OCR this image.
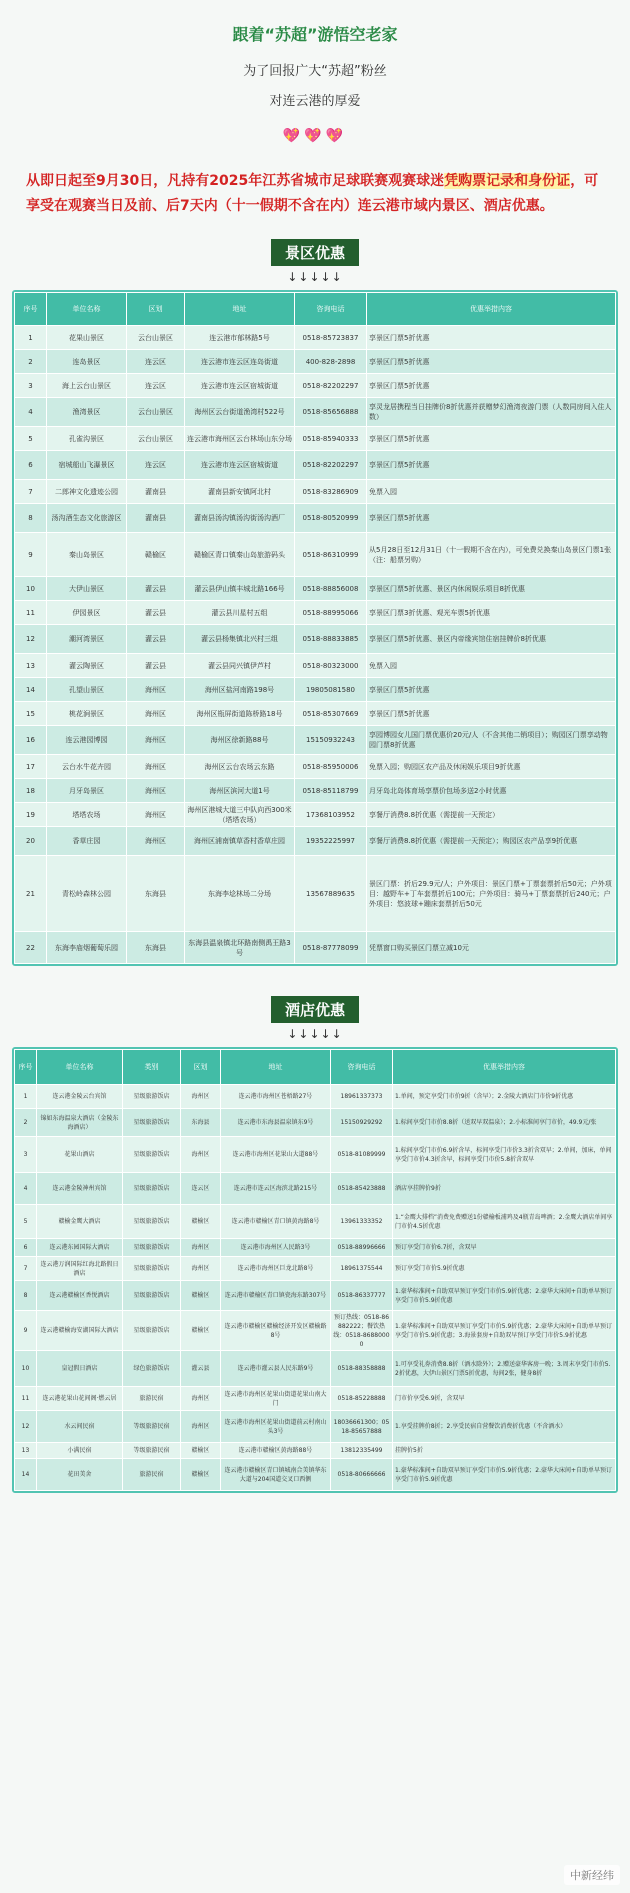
跟着“苏超”游悟空老家
为了回报广大“苏超”粉丝
对连云港的厚爱
💖💖💖
从即日起至9月30日，凡持有2025年江苏省城市足球联赛观赛球迷凭购票记录和身份证，可享受在观赛当日及前、后7天内（十一假期不含在内）连云港市域内景区、酒店优惠。
景区优惠
↓↓↓↓↓
序号	单位名称	区划	地址	咨询电话	优惠举措内容
1	花果山景区	云台山景区	连云港市郁林路5号	0518-85723837	享景区门票5折优惠
2	连岛景区	连云区	连云港市连云区连岛街道	400-828-2898	享景区门票5折优惠
3	海上云台山景区	连云区	连云港市连云区宿城街道	0518-82202297	享景区门票5折优惠
4	渔湾景区	云台山景区	海州区云台街道渔湾村522号	0518-85656888	享灵龙居携程当日挂牌价8折优惠并获赠梦幻渔湾夜游门票（人数同房间入住人数）
5	孔雀沟景区	云台山景区	连云港市海州区云台林场山东分场	0518-85940333	享景区门票5折优惠
6	宿城船山飞瀑景区	连云区	连云港市连云区宿城街道	0518-82202297	享景区门票5折优惠
7	二郎神文化遗迹公园	灌南县	灌南县新安镇阿北村	0518-83286909	免票入园
8	汤沟酒生态文化旅游区	灌南县	灌南县汤沟镇汤沟街汤沟酒厂	0518-80520999	享景区门票5折优惠
9	秦山岛景区	赣榆区	赣榆区青口镇秦山岛旅游码头	0518-86310999	从5月28日至12月31日（十一假期不含在内），可免费兑换秦山岛景区门票1张（注：船票另购）
10	大伊山景区	灌云县	灌云县伊山镇丰城北路166号	0518-88856008	享景区门票5折优惠、景区内休闲娱乐项目8折优惠
11	伊园景区	灌云县	灌云县川星村五组	0518-88995066	享景区门票3折优惠、观光车票5折优惠
12	潮河湾景区	灌云县	灌云县杨集镇北兴村三组	0518-88833885	享景区门票5折优惠、景区内帝缘宾馆住宿挂牌价8折优惠
13	灌云陶景区	灌云县	灌云县同兴镇伊芦村	0518-80323000	免票入园
14	孔望山景区	海州区	海州区盐河南路198号	19805081580	享景区门票5折优惠
15	桃花涧景区	海州区	海州区瓶屏街道陈桥路18号	0518-85307669	享景区门票5折优惠
16	连云港园博园	海州区	海州区徐新路88号	15150932243	享园博园女儿国门票优惠价20元/人（不含其他二销项目）；购园区门票享动物园门票8折优惠
17	云台水牛花卉园	海州区	海州区云台农场云东路	0518-85950006	免票入园；购园区农产品及休闲娱乐项目9折优惠
18	月牙岛景区	海州区	海州区滨河大道1号	0518-85118799	月牙岛北岛体育场享票价包场多送2小时优惠
19	塔塔农场	海州区	海州区港城大道三中队向西300米（塔塔农场）	17368103952	享餐厅消费8.8折优惠（需提前一天预定）
20	香草庄园	海州区	海州区浦南镇草香村香草庄园	19352225997	享餐厅消费8.8折优惠（需提前一天预定）；购园区农产品享9折优惠
21	青松岭森林公园	东海县	东海李埝林场二分场	13567889635	景区门票：折后29.9元/人；户外项目：景区门票+丁票套票折后50元；户外项目：越野车+丁车套票折后100元；户外项目：骑马+丁票套票折后240元；户外项目：悠波球+蹦床套票折后50元
22	东海李庙烟葡萄乐园	东海县	东海县温泉镇北环路南侧禹王路3号	0518-87778099	凭票窗口购买景区门票立减10元
酒店优惠
↓↓↓↓↓
序号	单位名称	类别	区划	地址	咨询电话	优惠举措内容
1	连云港金陵云台宾馆	星级旅游饭店	海州区	连云港市海州区苍梧路27号	18961337373	1.单间，预定享受门市价9折（含早）；2.金陵大酒店门市价9折优惠
2	锦如东海温泉大酒店（金陵东海酒店）	星级旅游饭店	东海县	连云港市东海县温泉镇东9号	15150929292	1.标间享受门市价8.8折（送双早双温泉）；2.小标准间享门市价，49.9元/张
3	花果山酒店	星级旅游饭店	海州区	连云港市海州区花果山大道88号	0518-81089999	1.标间享受门市价6.9折含早，标间享受门市价3.3折含双早；2.单间，加床，单间享受门市价4.3折含早，标间享受门市价5.8折含双早
4	连云港金陵神州宾馆	星级旅游饭店	连云区	连云港市连云区海滨北路215号	0518-85423888	酒店享挂牌价9折
5	赣榆金鹰大酒店	星级旅游饭店	赣榆区	连云港市赣榆区青口镇黄海路8号	13961333352	1.“金鹰大排档”消费免费赠送1份赣榆板浦鸡及4瓶青岛啤酒；2.金鹰大酒店单间享门市价4.5折优惠
6	连云港东园国际大酒店	星级旅游饭店	海州区	连云港市海州区人民路3号	0518-88996666	预订享受门市价6.7折，含双早
7	连云港万润国际红海北路假日酒店	星级旅游饭店	海州区	连云港市海州区巨龙北路8号	18961375544	预订享受门市价5.9折优惠
8	连云港赣榆区香悦酒店	星级旅游饭店	赣榆区	连云港市赣榆区青口镇瓷海东路307号	0518-86337777	1.豪华标准间+自助双早预订享受门市价5.9折优惠；2.豪华大床间+自助单早预订享受门市价5.9折优惠
9	连云港赣榆海安湖国际大酒店	星级旅游饭店	赣榆区	连云港市赣榆区赣榆经济开发区赣榆路8号	预订热线：0518-86882222；餐饮热线：0518-86880000	1.豪华标准间+自助双早预订享受门市价5.9折优惠；2.豪华大床间+自助单早预订享受门市价5.9折优惠；3.海景套房+自助双早预订享受门市价5.9折优惠
10	皇冠假日酒店	绿色旅游饭店	灌云县	连云港市灌云县人民东路9号	0518-88358888	1.可享受礼券消费8.8折（酒水除外）；2.赠送豪华客房一晚；3.周末享受门市价5.2折优惠，大伊山景区门票5折优惠，每间2张，健身8折
11	连云港花果山花间阁·燃云居	旅游民宿	海州区	连云港市海州区花果山街道花果山南大门	0518-85228888	门市价享受6.9折，含双早
12	水云间民宿	等级旅游民宿	海州区	连云港市海州区花果山街道前云村南山头3号	18036661300；0518-85657888	1.享受挂牌价8折；2.享受民宿自营餐饮消费折优惠（不含酒水）
13	小满民宿	等级旅游民宿	赣榆区	连云港市赣榆区黄海路88号	13812335499	挂牌价5折
14	花田美舍	旅游民宿	赣榆区	连云港市赣榆区青口镇城南合美镇华东大道与204国道交叉口西侧	0518-80666666	1.豪华标准间+自助双早预订享受门市价5.9折优惠；2.豪华大床间+自助单早预订享受门市价5.9折优惠
中新经纬
